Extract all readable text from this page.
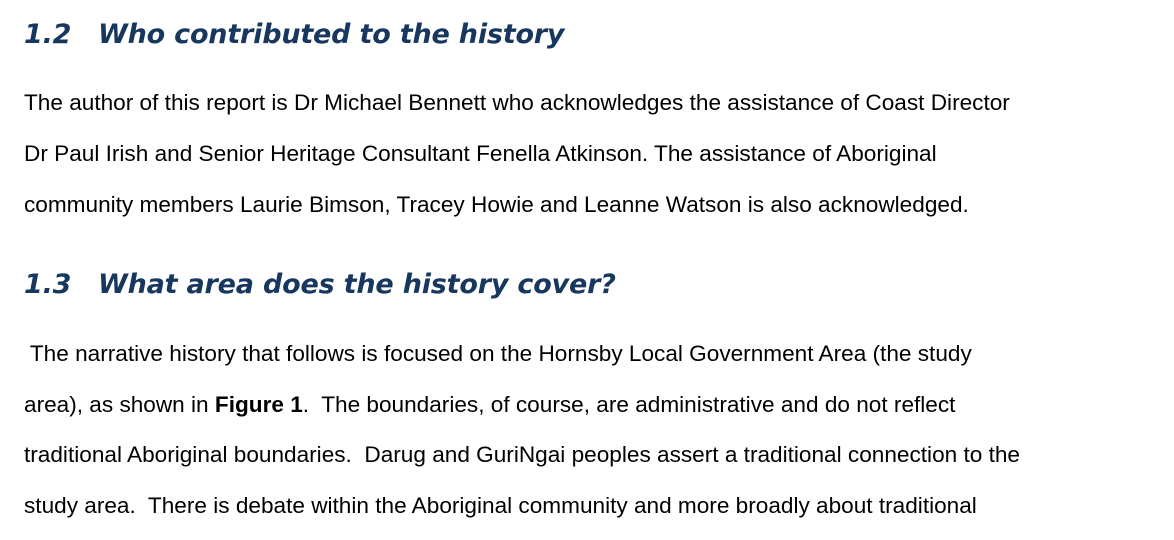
1.2 Who contributed to the history

The author of this report is Dr Michael Bennett who acknowledges the assistance of Coast Director

Dr Paul Irish and Senior Heritage Consultant Fenella Atkinson. The assistance of Aboriginal

community members Laurie Bimson, Tracey Howie and Leanne Watson is also acknowledged.

1.3 What area does the history cover?

The narrative history that follows is focused on the Hornsby Local Government Area (the study

area), as shown in Figure 1.  The boundaries, of course, are administrative and do not reflect

traditional Aboriginal boundaries.  Darug and GuriNgai peoples assert a traditional connection to the

study area.  There is debate within the Aboriginal community and more broadly about traditional
